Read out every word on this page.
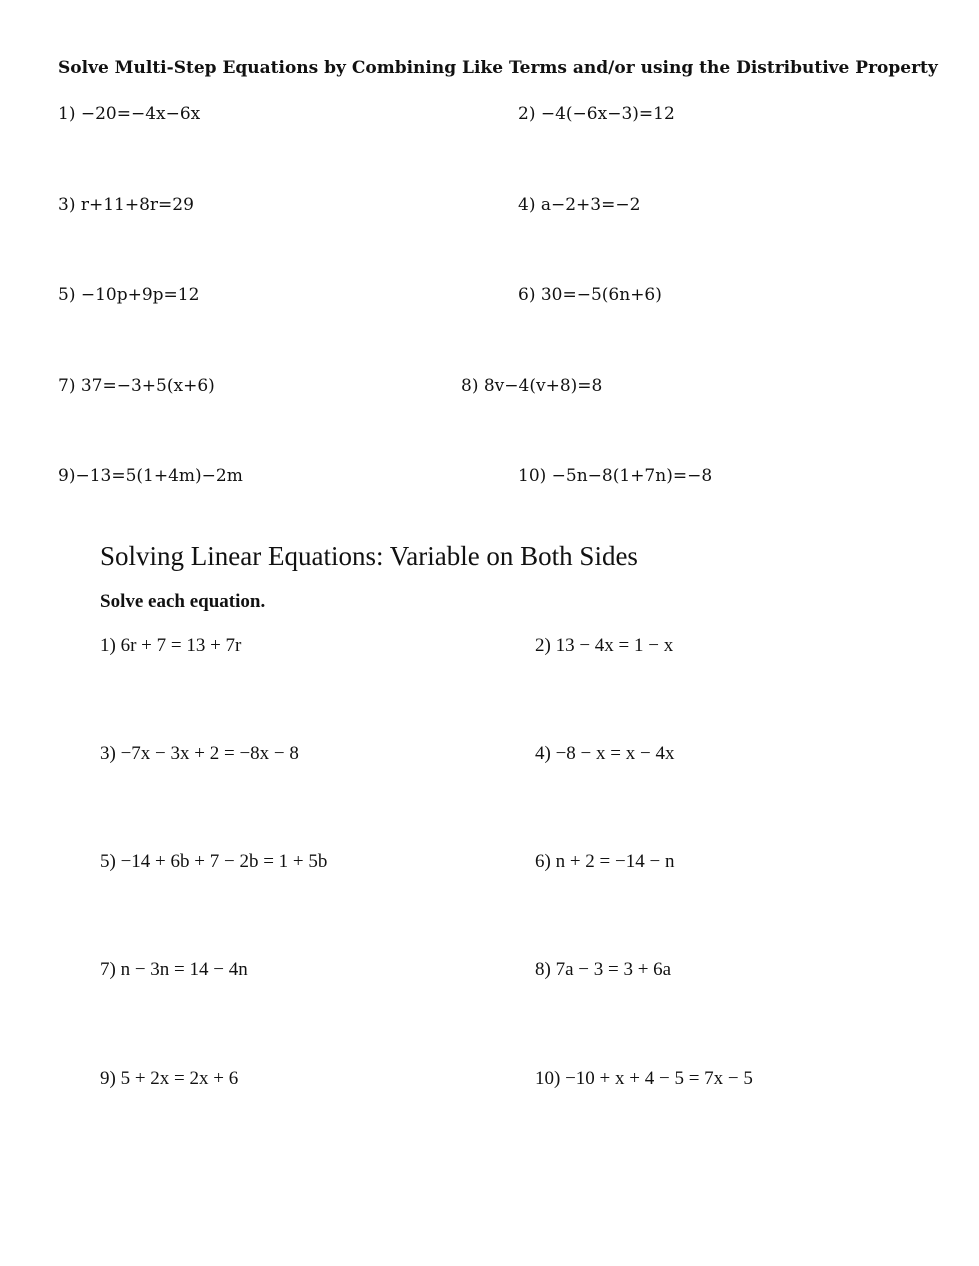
Solve Multi-Step Equations by Combining Like Terms and/or using the Distributive Property
1) −20=−4x−6x	2) −4(−6x−3)=12
3) r+11+8r=29	4) a−2+3=−2
5) −10p+9p=12	6) 30=−5(6n+6)
7) 37=−3+5(x+6)	8) 8v−4(v+8)=8
9)−13=5(1+4m)−2m	10) −5n−8(1+7n)=−8
Solving Linear Equations: Variable on Both Sides
Solve each equation.
1) 6r + 7 = 13 + 7r	2) 13 − 4x = 1 − x
3) −7x − 3x + 2 = −8x − 8	4) −8 − x = x − 4x
5) −14 + 6b + 7 − 2b = 1 + 5b	6) n + 2 = −14 − n
7) n − 3n = 14 − 4n	8) 7a − 3 = 3 + 6a
9) 5 + 2x = 2x + 6	10) −10 + x + 4 − 5 = 7x − 5
